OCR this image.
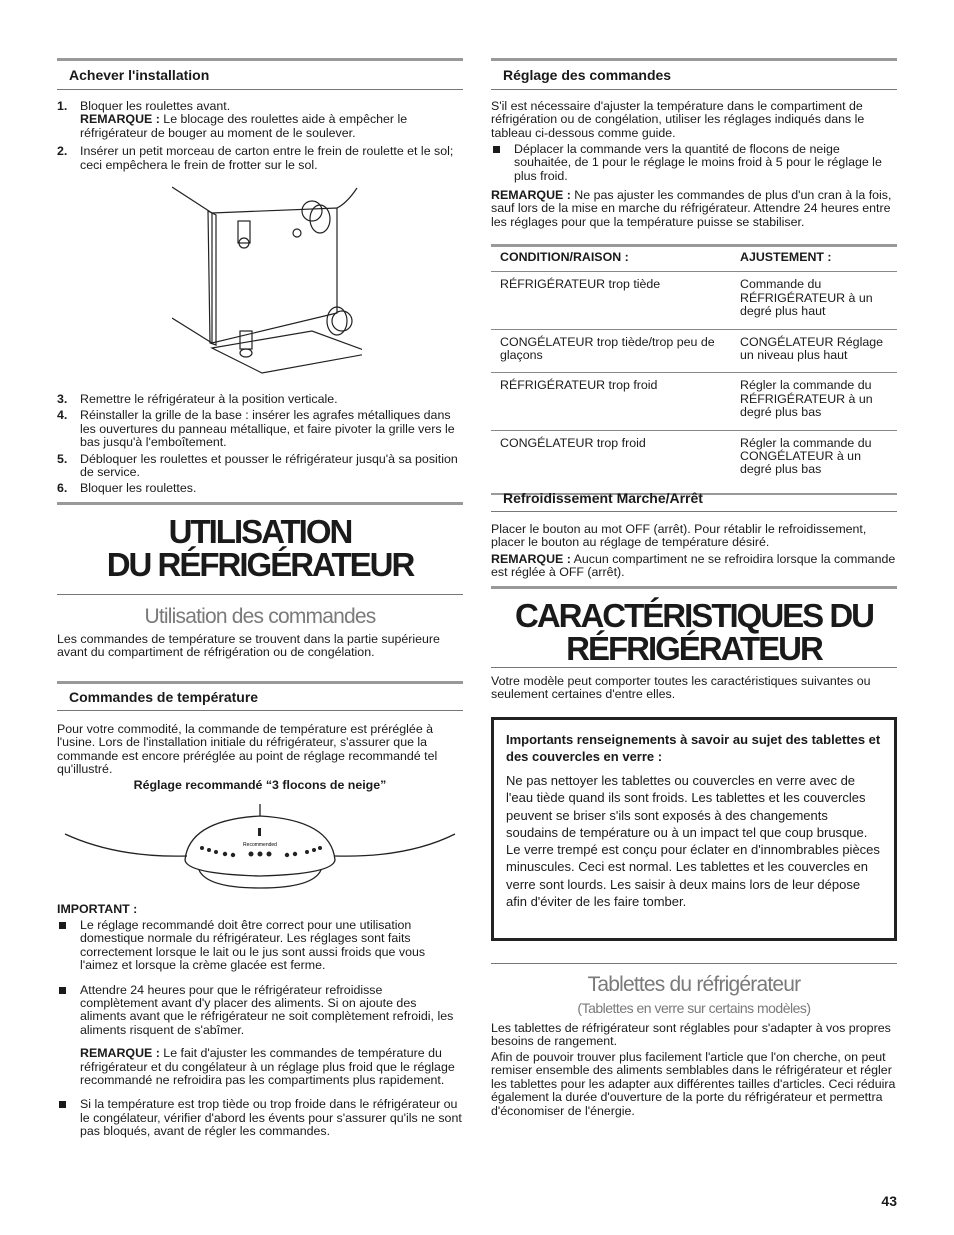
Achever l'installation
1. Bloquer les roulettes avant.
REMARQUE : Le blocage des roulettes aide à empêcher le réfrigérateur de bouger au moment de le soulever.
2. Insérer un petit morceau de carton entre le frein de roulette et le sol; ceci empêchera le frein de frotter sur le sol.
3. Remettre le réfrigérateur à la position verticale.
4. Réinstaller la grille de la base : insérer les agrafes métalliques dans les ouvertures du panneau métallique, et faire pivoter la grille vers le bas jusqu'à l'emboîtement.
5. Débloquer les roulettes et pousser le réfrigérateur jusqu'à sa position de service.
6. Bloquer les roulettes.
UTILISATION
DU RÉFRIGÉRATEUR
Utilisation des commandes

Les commandes de température se trouvent dans la partie supérieure avant du compartiment de réfrigération ou de congélation.

Commandes de température

Pour votre commodité, la commande de température est préréglée à l'usine. Lors de l'installation initiale du réfrigérateur, s'assurer que la commande est encore préréglée au point de réglage recommandé tel qu'illustré.

Réglage recommandé “3 flocons de neige”

Recommended

IMPORTANT :

Le réglage recommandé doit être correct pour une utilisation domestique normale du réfrigérateur. Les réglages sont faits correctement lorsque le lait ou le jus sont aussi froids que vous l'aimez et lorsque la crème glacée est ferme.
Attendre 24 heures pour que le réfrigérateur refroidisse complètement avant d'y placer des aliments. Si on ajoute des aliments avant que le réfrigérateur ne soit complètement refroidi, les aliments risquent de s'abîmer.
REMARQUE : Le fait d'ajuster les commandes de température du réfrigérateur et du congélateur à un réglage plus froid que le réglage recommandé ne refroidira pas les compartiments plus rapidement.
Si la température est trop tiède ou trop froide dans le réfrigérateur ou le congélateur, vérifier d'abord les évents pour s'assurer qu'ils ne sont pas bloqués, avant de régler les commandes.
Réglage des commandes

S'il est nécessaire d'ajuster la température dans le compartiment de réfrigération ou de congélation, utiliser les réglages indiqués dans le tableau ci-dessous comme guide.

Déplacer la commande vers la quantité de flocons de neige souhaitée, de 1 pour le réglage le moins froid à 5 pour le réglage le plus froid.

REMARQUE : Ne pas ajuster les commandes de plus d'un cran à la fois, sauf lors de la mise en marche du réfrigérateur. Attendre 24 heures entre les réglages pour que la température puisse se stabiliser.

CONDITION/RAISON :	AJUSTEMENT :
RÉFRIGÉRATEUR trop tiède	Commande du RÉFRIGÉRATEUR à un degré plus haut
CONGÉLATEUR trop tiède/trop peu de glaçons	CONGÉLATEUR Réglage un niveau plus haut
RÉFRIGÉRATEUR trop froid	Régler la commande du RÉFRIGÉRATEUR à un degré plus bas
CONGÉLATEUR trop froid	Régler la commande du CONGÉLATEUR à un degré plus bas
Refroidissement Marche/Arrêt

Placer le bouton au mot OFF (arrêt). Pour rétablir le refroidissement, placer le bouton au réglage de température désiré.

REMARQUE : Aucun compartiment ne se refroidira lorsque la commande est réglée à OFF (arrêt).

CARACTÉRISTIQUES DU
RÉFRIGÉRATEUR

Votre modèle peut comporter toutes les caractéristiques suivantes ou seulement certaines d'entre elles.

Importants renseignements à savoir au sujet des tablettes et des couvercles en verre :
Ne pas nettoyer les tablettes ou couvercles en verre avec de l'eau tiède quand ils sont froids. Les tablettes et les couvercles peuvent se briser s'ils sont exposés à des changements soudains de température ou à un impact tel que coup brusque. Le verre trempé est conçu pour éclater en d'innombrables pièces minuscules. Ceci est normal. Les tablettes et les couvercles en verre sont lourds. Les saisir à deux mains lors de leur dépose afin d'éviter de les faire tomber.
Tablettes du réfrigérateur
(Tablettes en verre sur certains modèles)

Les tablettes de réfrigérateur sont réglables pour s'adapter à vos propres besoins de rangement.

Afin de pouvoir trouver plus facilement l'article que l'on cherche, on peut remiser ensemble des aliments semblables dans le réfrigérateur et régler les tablettes pour les adapter aux différentes tailles d'articles. Ceci réduira également la durée d'ouverture de la porte du réfrigérateur et permettra d'économiser de l'énergie.

43
